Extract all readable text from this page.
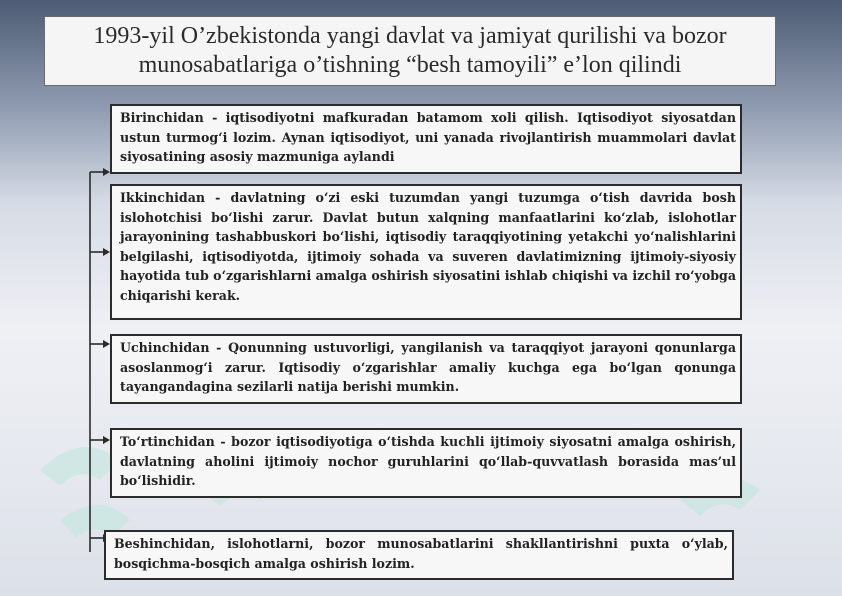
1993-yil O’zbekistonda yangi davlat va jamiyat qurilishi va bozor munosabatlariga o’tishning “besh tamoyili” e’lon qilindi

Birinchidan - iqtisodiyotni mafkuradan batamom xoli qilish. Iqtisodiyot siyosatdan ustun turmog‘i lozim. Aynan iqtisodiyot, uni yanada rivojlantirish muammolari davlat siyosatining asosiy mazmuniga aylandi

Ikkinchidan - davlatning o‘zi eski tuzumdan yangi tuzumga o‘tish davrida bosh islohotchisi bo‘lishi zarur. Davlat butun xalqning manfaatlarini ko‘zlab, islohotlar jarayonining tashabbuskori bo‘lishi, iqtisodiy taraqqiyotining yetakchi yo‘nalishlarini belgilashi, iqtisodiyotda, ijtimoiy sohada va suveren davlatimizning ijtimoiy-siyosiy hayotida tub o‘zgarishlarni amalga oshirish siyosatini ishlab chiqishi va izchil ro‘yobga chiqarishi kerak.

Uchinchidan - Qonunning ustuvorligi, yangilanish va taraqqiyot jarayoni qonunlarga asoslanmog‘i zarur. Iqtisodiy o‘zgarishlar amaliy kuchga ega bo‘lgan qonunga tayangandagina sezilarli natija berishi mumkin.

To‘rtinchidan - bozor iqtisodiyotiga o‘tishda kuchli ijtimoiy siyosatni amalga oshirish, davlatning aholini ijtimoiy nochor guruhlarini qo‘llab-quvvatlash borasida mas’ul bo‘lishidir.

Beshinchidan, islohotlarni, bozor munosabatlarini shakllantirishni puxta o‘ylab, bosqichma-bosqich amalga oshirish lozim.
